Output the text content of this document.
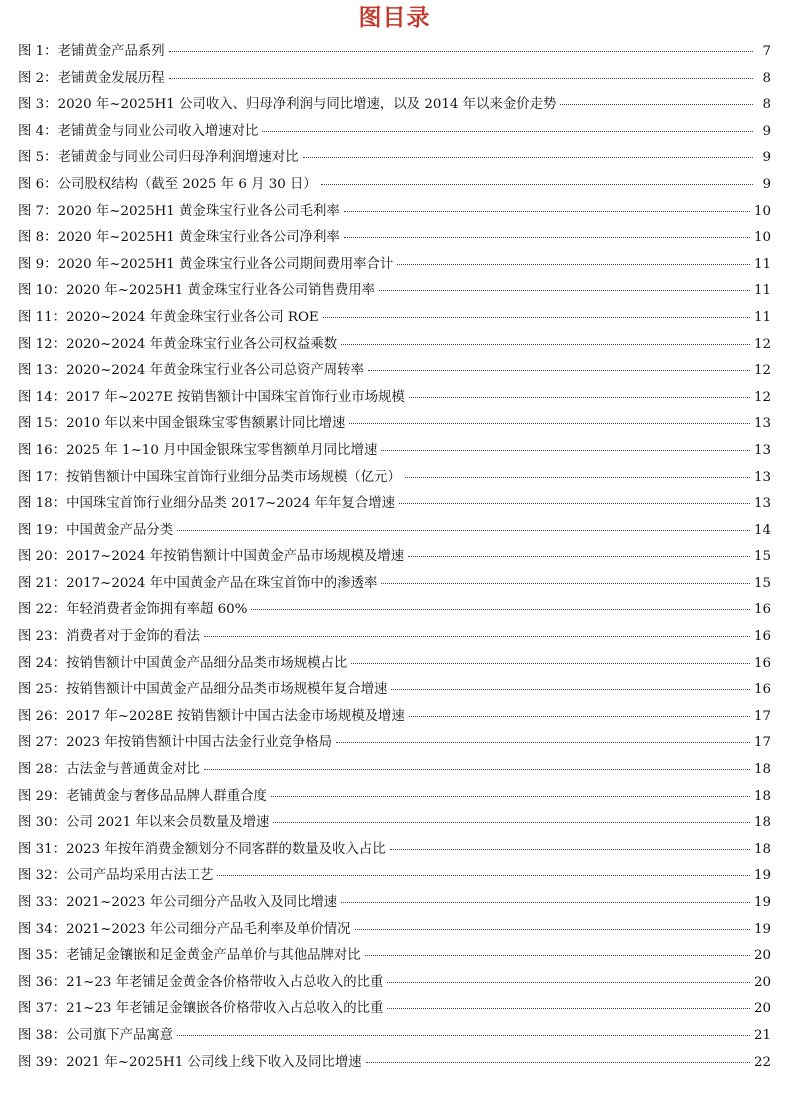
图目录
图 1： 老铺黄金产品系列	7
图 2： 老铺黄金发展历程	8
图 3： 2020 年~2025H1 公司收入、归母净利润与同比增速，以及 2014 年以来金价走势	8
图 4： 老铺黄金与同业公司收入增速对比	9
图 5： 老铺黄金与同业公司归母净利润增速对比	9
图 6： 公司股权结构（截至 2025 年 6 月 30 日）	9
图 7： 2020 年~2025H1 黄金珠宝行业各公司毛利率	10
图 8： 2020 年~2025H1 黄金珠宝行业各公司净利率	10
图 9： 2020 年~2025H1 黄金珠宝行业各公司期间费用率合计	11
图 10： 2020 年~2025H1 黄金珠宝行业各公司销售费用率	11
图 11： 2020~2024 年黄金珠宝行业各公司 ROE	11
图 12： 2020~2024 年黄金珠宝行业各公司权益乘数	12
图 13： 2020~2024 年黄金珠宝行业各公司总资产周转率	12
图 14： 2017 年~2027E 按销售额计中国珠宝首饰行业市场规模	12
图 15： 2010 年以来中国金银珠宝零售额累计同比增速	13
图 16： 2025 年 1~10 月中国金银珠宝零售额单月同比增速	13
图 17： 按销售额计中国珠宝首饰行业细分品类市场规模（亿元）	13
图 18： 中国珠宝首饰行业细分品类 2017~2024 年年复合增速	13
图 19： 中国黄金产品分类	14
图 20： 2017~2024 年按销售额计中国黄金产品市场规模及增速	15
图 21： 2017~2024 年中国黄金产品在珠宝首饰中的渗透率	15
图 22： 年轻消费者金饰拥有率超 60%	16
图 23： 消费者对于金饰的看法	16
图 24： 按销售额计中国黄金产品细分品类市场规模占比	16
图 25： 按销售额计中国黄金产品细分品类市场规模年复合增速	16
图 26： 2017 年~2028E 按销售额计中国古法金市场规模及增速	17
图 27： 2023 年按销售额计中国古法金行业竞争格局	17
图 28： 古法金与普通黄金对比	18
图 29： 老铺黄金与奢侈品品牌人群重合度	18
图 30： 公司 2021 年以来会员数量及增速	18
图 31： 2023 年按年消费金额划分不同客群的数量及收入占比	18
图 32： 公司产品均采用古法工艺	19
图 33： 2021~2023 年公司细分产品收入及同比增速	19
图 34： 2021~2023 年公司细分产品毛利率及单价情况	19
图 35： 老铺足金镶嵌和足金黄金产品单价与其他品牌对比	20
图 36： 21~23 年老铺足金黄金各价格带收入占总收入的比重	20
图 37： 21~23 年老铺足金镶嵌各价格带收入占总收入的比重	20
图 38： 公司旗下产品寓意	21
图 39： 2021 年~2025H1 公司线上线下收入及同比增速	22
